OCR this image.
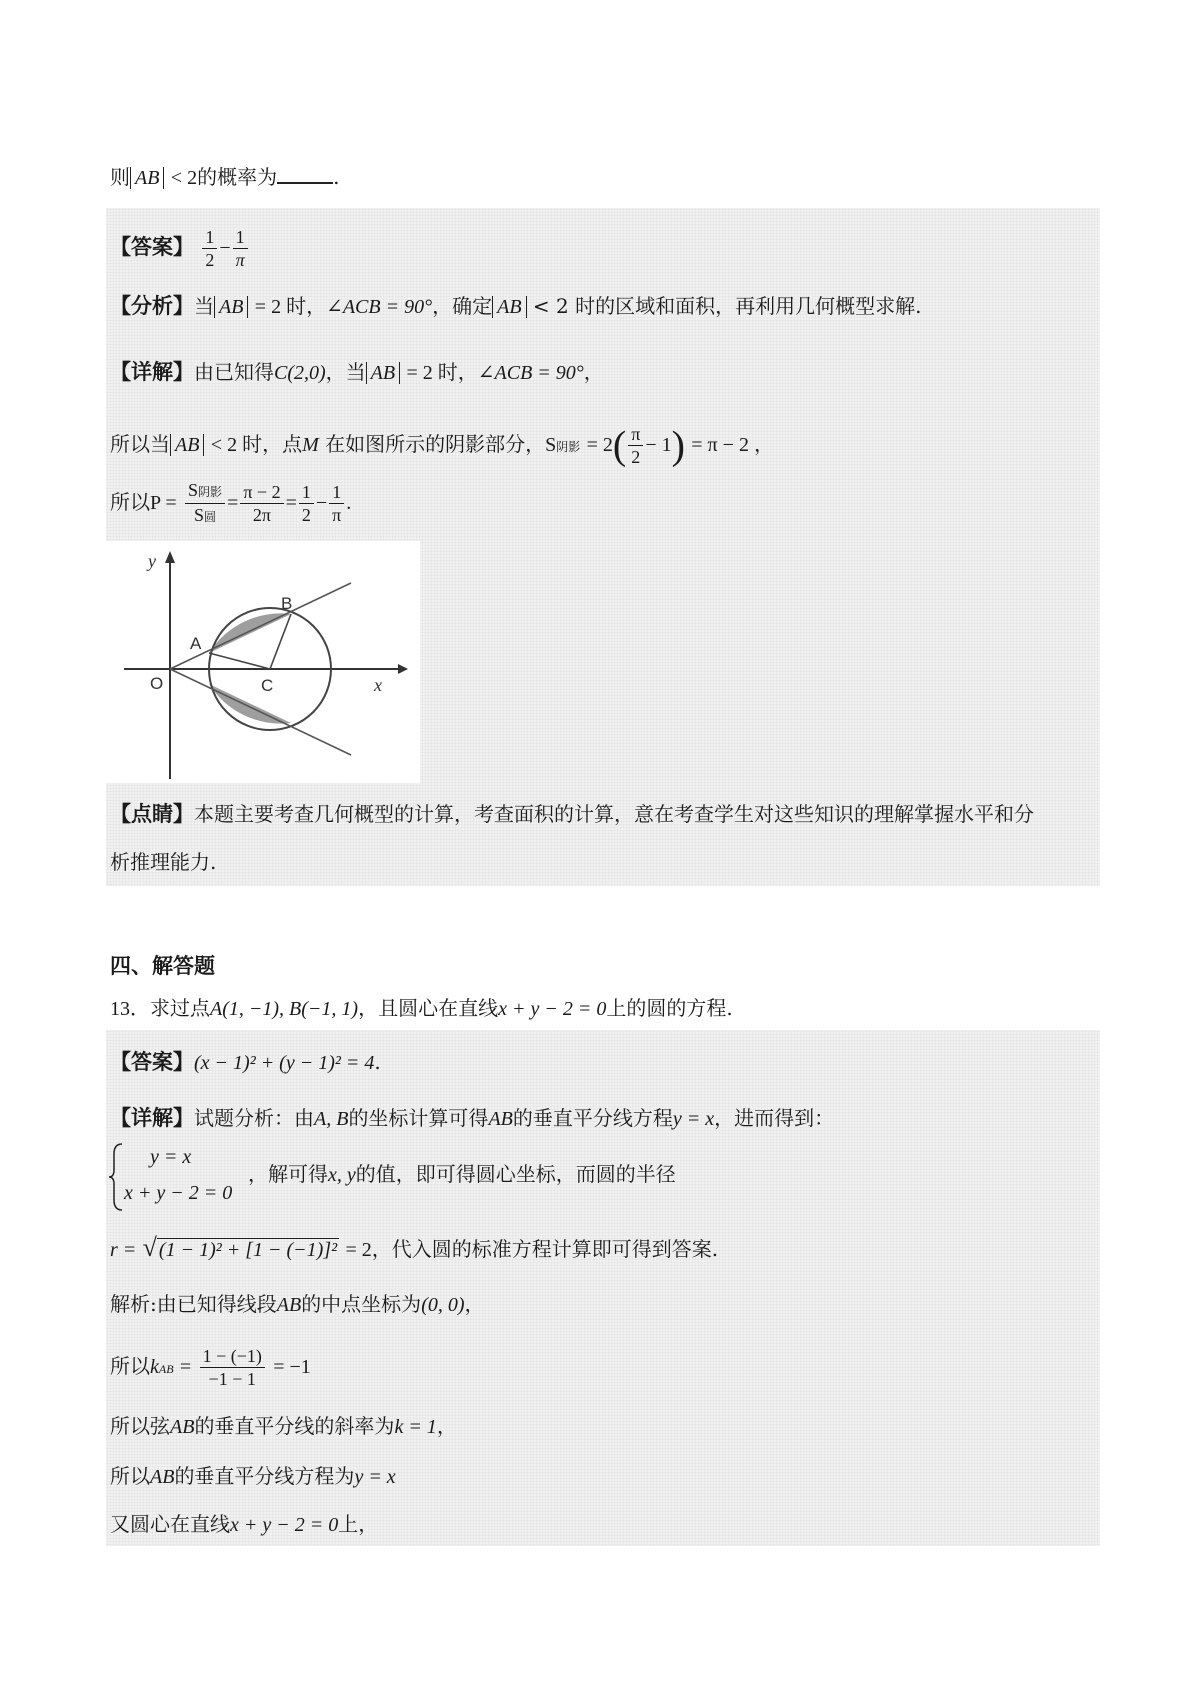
则 AB < 2的概率为	.
【答案】 $\frac{1}{2} - \frac{1}{\pi}$
【分析】当 AB = 2 时，∠ACB = 90°，确定 AB < 2 时的区域和面积，再利用几何概型求解.
【详解】由已知得C(2,0)，当 AB = 2 时，∠ACB = 90°，
所以当 AB < 2 时，点M 在如图所示的阴影部分，S阴影 = $2( \frac{\pi}{2} - 1) = \pi - 2$ ，
所以$P = \frac{\text{S阴影}}{\text{S圆}} = \frac{\pi - 2}{2\pi} = \frac{1}{2} - \frac{1}{\pi}$ .
y
x
O
A
B
C
【点睛】本题主要考查几何概型的计算，考查面积的计算，意在考查学生对这些知识的理解掌握水平和分
析推理能力.
四、解答题
13．求过点A(1, −1), B(−1, 1)，且圆心在直线x + y − 2 = 0上的圆的方程.
【答案】(x − 1)² + (y − 1)² = 4.
【详解】试题分析：由A, B的坐标计算可得AB的垂直平分线方程y = x，进而得到：
y = x
x + y − 2 = 0
，解可得x, y的值，即可得圆心坐标，而圆的半径
r = √ (1 − 1)² + [1 − (−1)]² = 2，代入圆的标准方程计算即可得到答案.
解析:由已知得线段AB的中点坐标为(0, 0)，
所以kAB = $\frac{1 - (-1)}{-1 - 1} = -1$
所以弦AB的垂直平分线的斜率为k = 1，
所以AB的垂直平分线方程为y = x
又圆心在直线x + y − 2 = 0上，
